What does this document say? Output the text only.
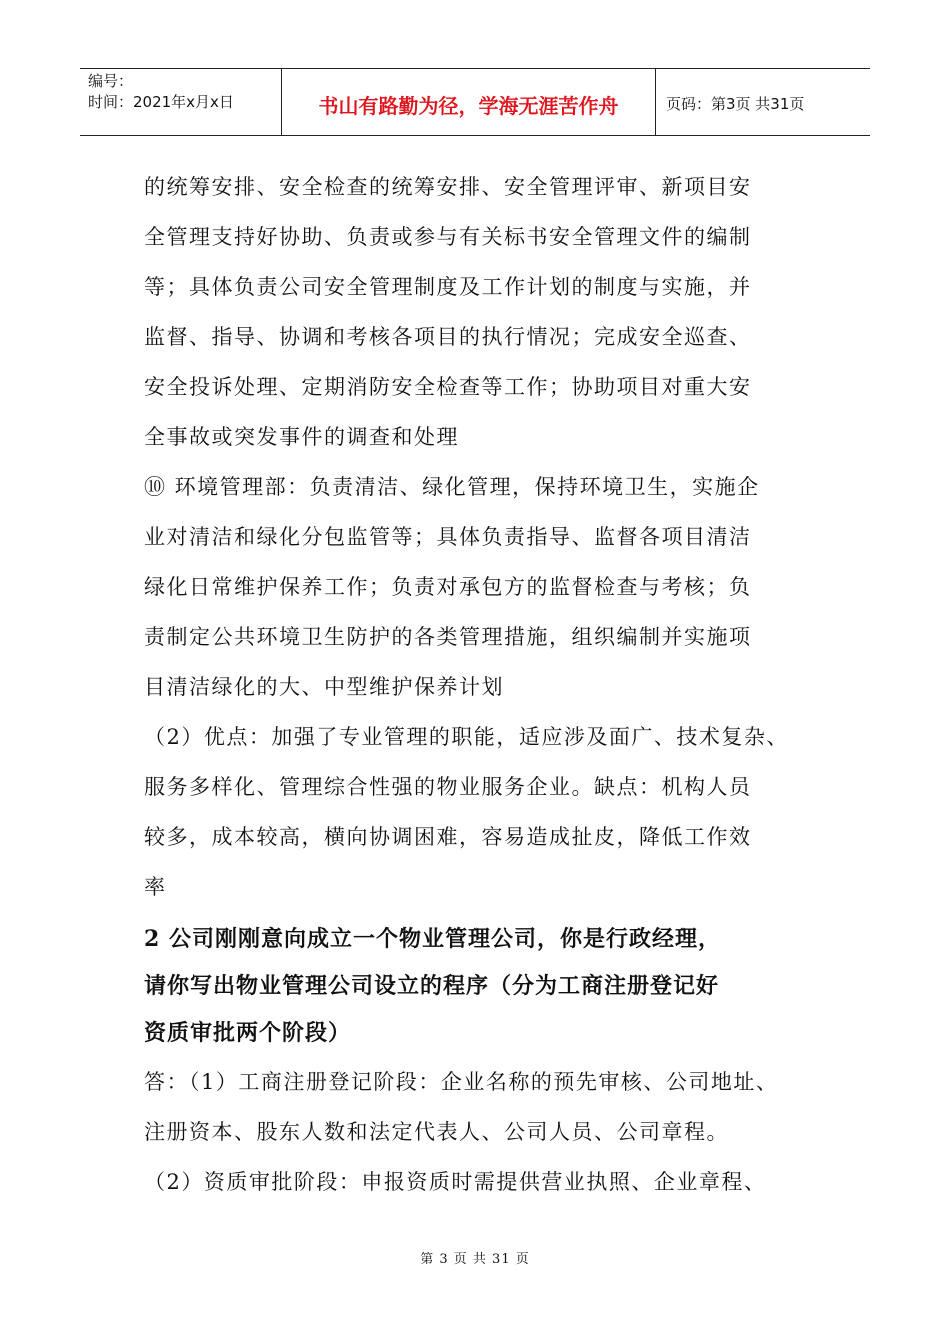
编号：
时间：2021年x月x日	书山有路勤为径，学海无涯苦作舟	页码：第3页 共31页
的统筹安排、安全检查的统筹安排、安全管理评审、新项目安
全管理支持好协助、负责或参与有关标书安全管理文件的编制
等；具体负责公司安全管理制度及工作计划的制度与实施，并
监督、指导、协调和考核各项目的执行情况；完成安全巡查、
安全投诉处理、定期消防安全检查等工作；协助项目对重大安
全事故或突发事件的调查和处理
⑩ 环境管理部：负责清洁、绿化管理，保持环境卫生，实施企
业对清洁和绿化分包监管等；具体负责指导、监督各项目清洁
绿化日常维护保养工作；负责对承包方的监督检查与考核；负
责制定公共环境卫生防护的各类管理措施，组织编制并实施项
目清洁绿化的大、中型维护保养计划
（2）优点：加强了专业管理的职能，适应涉及面广、技术复杂、
服务多样化、管理综合性强的物业服务企业。缺点：机构人员
较多，成本较高，横向协调困难，容易造成扯皮，降低工作效
率
2 公司刚刚意向成立一个物业管理公司，你是行政经理，
请你写出物业管理公司设立的程序（分为工商注册登记好
资质审批两个阶段）
答：（1）工商注册登记阶段：企业名称的预先审核、公司地址、
注册资本、股东人数和法定代表人、公司人员、公司章程。
（2）资质审批阶段：申报资质时需提供营业执照、企业章程、
第 3 页 共 31 页
